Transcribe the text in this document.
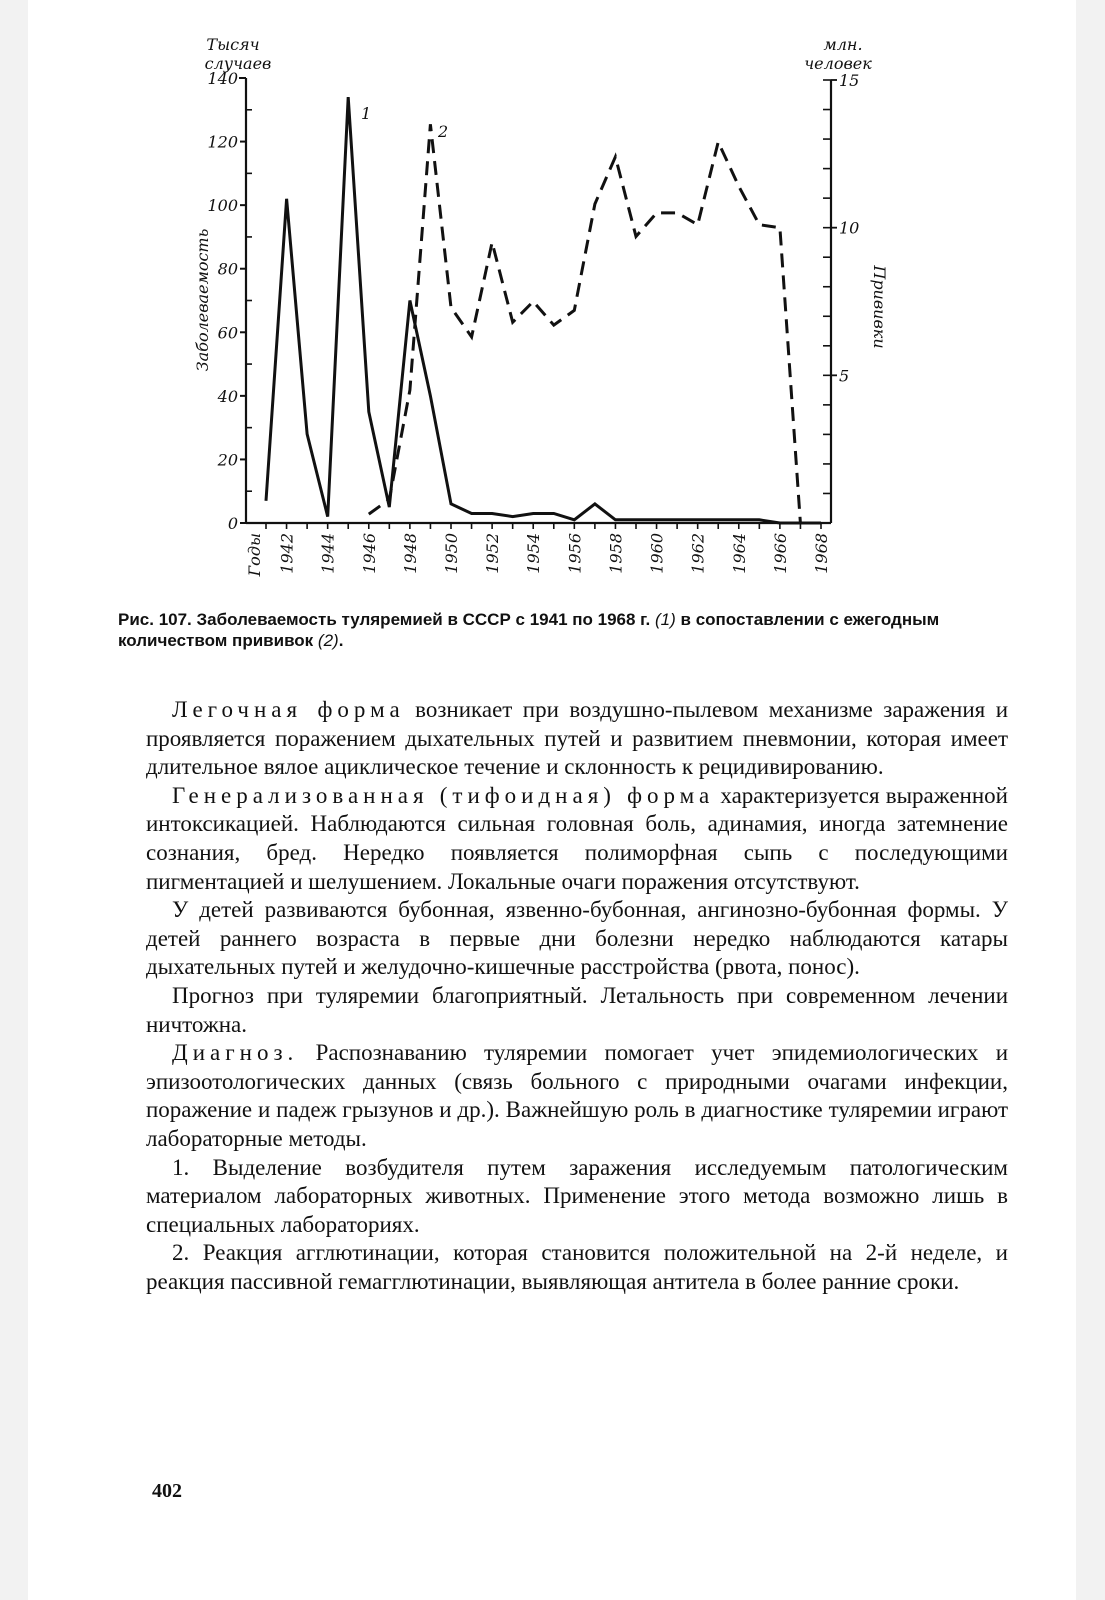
Тысяч
случаев
млн.
человек
Заболеваемость	Прививки
Годы
1
2
0
20
40
60
80
100
120
140
5
10
15
1942 1944 1946 1948 1950 1952 1954 1956 1958 1960 1962 1964 1966 1968
Рис. 107. Заболеваемость туляремией в СССР с 1941 по 1968 г. (1) в сопоставлении с ежегодным количеством прививок (2).

Легочная форма возникает при воздушно-пылевом механизме заражения и проявляется поражением дыхательных путей и развитием пневмонии, которая имеет длительное вялое ациклическое течение и склонность к рецидивированию.

Генерализованная (тифоидная) форма характеризуется выраженной интоксикацией. Наблюдаются сильная головная боль, адинамия, иногда затемнение сознания, бред. Нередко появляется полиморфная сыпь с последующими пигментацией и шелушением. Локальные очаги поражения отсутствуют.

У детей развиваются бубонная, язвенно-бубонная, ангинозно-бубонная формы. У детей раннего возраста в первые дни болезни нередко наблюдаются катары дыхательных путей и желудочно-кишечные расстройства (рвота, понос).

Прогноз при туляремии благоприятный. Летальность при современном лечении ничтожна.

Диагноз. Распознаванию туляремии помогает учет эпидемиологических и эпизоотологических данных (связь больного с природными очагами инфекции, поражение и падеж грызунов и др.). Важнейшую роль в диагностике туляремии играют лабораторные методы.

1. Выделение возбудителя путем заражения исследуемым патологическим материалом лабораторных животных. Применение этого метода возможно лишь в специальных лабораториях.

2. Реакция агглютинации, которая становится положительной на 2-й неделе, и реакция пассивной гемагглютинации, выявляющая антитела в более ранние сроки.

402
